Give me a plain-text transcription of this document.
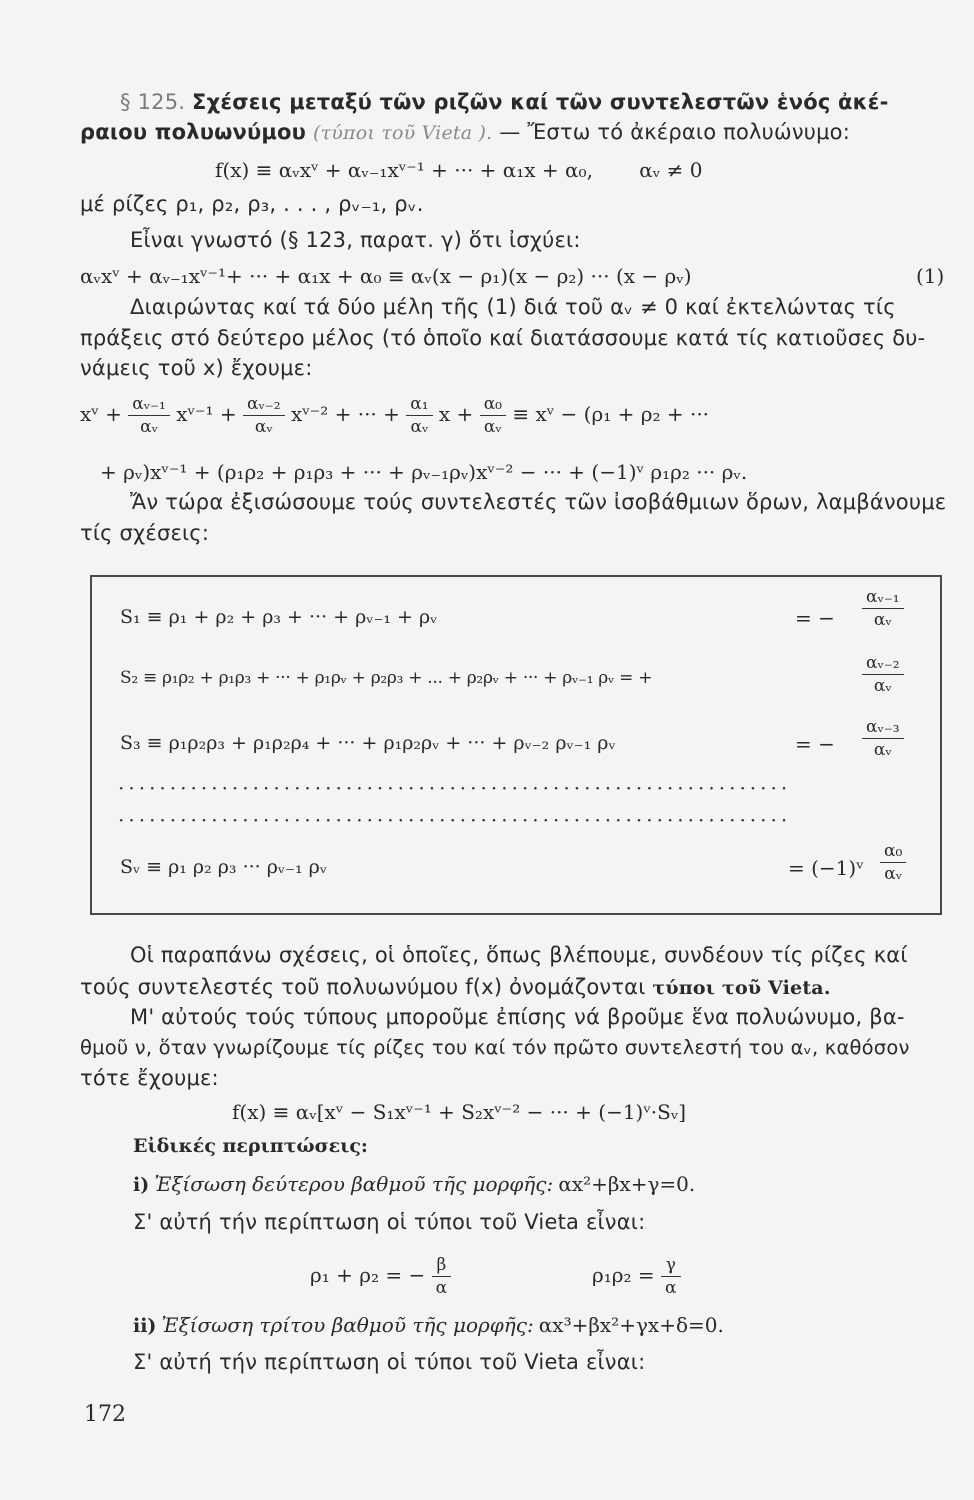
§ 125. Σχέσεις μεταξύ τῶν ριζῶν καί τῶν συντελεστῶν ἑνός ἀκέ-
ραιου πολυωνύμου (τύποι τοῦ Vieta ). — Ἔστω τό ἀκέραιο πολυώνυμο:
f(x) ≡ αᵥxᵛ + αᵥ₋₁xᵛ⁻¹ + ··· + α₁x + α₀, αᵥ ≠ 0
μέ ρίζες ρ₁, ρ₂, ρ₃, . . . , ρᵥ₋₁, ρᵥ.
Εἶναι γνωστό (§ 123, παρατ. γ) ὅτι ἰσχύει:
αᵥxᵛ + αᵥ₋₁xᵛ⁻¹+ ··· + α₁x + α₀ ≡ αᵥ(x − ρ₁)(x − ρ₂) ··· (x − ρᵥ)	(1)
Διαιρώντας καί τά δύο μέλη τῆς (1) διά τοῦ αᵥ ≠ 0 καί ἐκτελώντας τίς
πράξεις στό δεύτερο μέλος (τό ὁποῖο καί διατάσσουμε κατά τίς κατιοῦσες δυ-
νάμεις τοῦ x) ἔχουμε:
xᵛ + $\frac{\text{αᵥ₋₁}}{\text{αᵥ}}$ xᵛ⁻¹ + $\frac{\text{αᵥ₋₂}}{\text{αᵥ}}$ xᵛ⁻² + ··· + $\frac{\text{α₁}}{\text{αᵥ}}$ $x + \frac{\text{α₀}}{\text{αᵥ}}$ ≡ xᵛ − (ρ₁ + ρ₂ + ···
+ ρᵥ)xᵛ⁻¹ + (ρ₁ρ₂ + ρ₁ρ₃ + ··· + ρᵥ₋₁ρᵥ)xᵛ⁻² − ··· + (−1)ᵛ ρ₁ρ₂ ··· ρᵥ.
Ἄν τώρα ἐξισώσουμε τούς συντελεστές τῶν ἰσοβάθμιων ὅρων, λαμβάνουμε
τίς σχέσεις:
S₁ ≡ ρ₁ + ρ₂ + ρ₃ + ··· + ρᵥ₋₁ + ρᵥ	= − $\frac{\text{αᵥ₋₁}}{\text{αᵥ}}$
S₂ ≡ ρ₁ρ₂ + ρ₁ρ₃ + ··· + ρ₁ρᵥ + ρ₂ρ₃ + ... + ρ₂ρᵥ + ··· + ρᵥ₋₁ ρᵥ = +	$\frac{\text{αᵥ₋₂}}{\text{αᵥ}}$
S₃ ≡ ρ₁ρ₂ρ₃ + ρ₁ρ₂ρ₄ + ··· + ρ₁ρ₂ρᵥ + ··· + ρᵥ₋₂ ρᵥ₋₁ ρᵥ	= − $\frac{\text{αᵥ₋₃}}{\text{αᵥ}}$
·································································
·································································
Sᵥ ≡ ρ₁ ρ₂ ρ₃ ··· ρᵥ₋₁ ρᵥ	= (−1)ᵛ $\frac{\text{α₀}}{\text{αᵥ}}$
Οἱ παραπάνω σχέσεις, οἱ ὁποῖες, ὅπως βλέπουμε, συνδέουν τίς ρίζες καί
τούς συντελεστές τοῦ πολυωνύμου f(x) ὀνομάζονται τύποι τοῦ Vieta.
Μ' αὐτούς τούς τύπους μποροῦμε ἐπίσης νά βροῦμε ἕνα πολυώνυμο, βα-
θμοῦ ν, ὅταν γνωρίζουμε τίς ρίζες του καί τόν πρῶτο συντελεστή του αᵥ, καθόσον
τότε ἔχουμε:
f(x) ≡ αᵥ[xᵛ − S₁xᵛ⁻¹ + S₂xᵛ⁻² − ··· + (−1)ᵛ·Sᵥ]
Εἰδικές περιπτώσεις:
i) Ἐξίσωση δεύτερου βαθμοῦ τῆς μορφῆς: αx²+βx+γ=0.
Σ' αὐτή τήν περίπτωση οἱ τύποι τοῦ Vieta εἶναι:
ρ₁ + ρ₂ = − $\frac{\beta}{\alpha}$	$\rho_1\rho_2 = \frac{\gamma}{\alpha}$
ii) Ἐξίσωση τρίτου βαθμοῦ τῆς μορφῆς: αx³+βx²+γx+δ=0.
Σ' αὐτή τήν περίπτωση οἱ τύποι τοῦ Vieta εἶναι:
172
